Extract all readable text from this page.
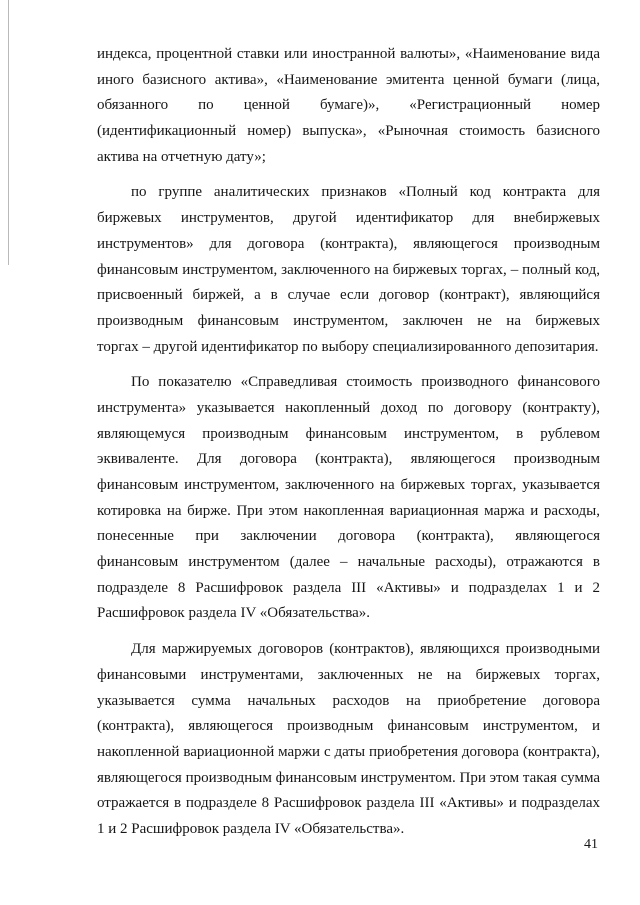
индекса, процентной ставки или иностранной валюты», «Наименование вида
иного базисного актива», «Наименование эмитента ценной бумаги (лица,
обязанного по ценной бумаге)», «Регистрационный номер
(идентификационный номер) выпуска», «Рыночная стоимость базисного
актива на отчетную дату»;

по группе аналитических признаков «Полный код контракта для
биржевых инструментов, другой идентификатор для внебиржевых
инструментов» для договора (контракта), являющегося производным
финансовым инструментом, заключенного на биржевых торгах, – полный код,
присвоенный биржей, а в случае если договор (контракт), являющийся
производным финансовым инструментом, заключен не на биржевых
торгах – другой идентификатор по выбору специализированного депозитария.

По показателю «Справедливая стоимость производного финансового
инструмента» указывается накопленный доход по договору (контракту),
являющемуся производным финансовым инструментом, в рублевом
эквиваленте. Для договора (контракта), являющегося производным
финансовым инструментом, заключенного на биржевых торгах, указывается
котировка на бирже. При этом накопленная вариационная маржа и расходы,
понесенные при заключении договора (контракта), являющегося
финансовым инструментом (далее – начальные расходы), отражаются в
подразделе 8 Расшифровок раздела III «Активы» и подразделах 1 и 2
Расшифровок раздела IV «Обязательства».

Для маржируемых договоров (контрактов), являющихся производными
финансовыми инструментами, заключенных не на биржевых торгах,
указывается сумма начальных расходов на приобретение договора
(контракта), являющегося производным финансовым инструментом, и
накопленной вариационной маржи с даты приобретения договора (контракта),
являющегося производным финансовым инструментом. При этом такая сумма
отражается в подразделе 8 Расшифровок раздела III «Активы» и подразделах
1 и 2 Расшифровок раздела IV «Обязательства».

41
